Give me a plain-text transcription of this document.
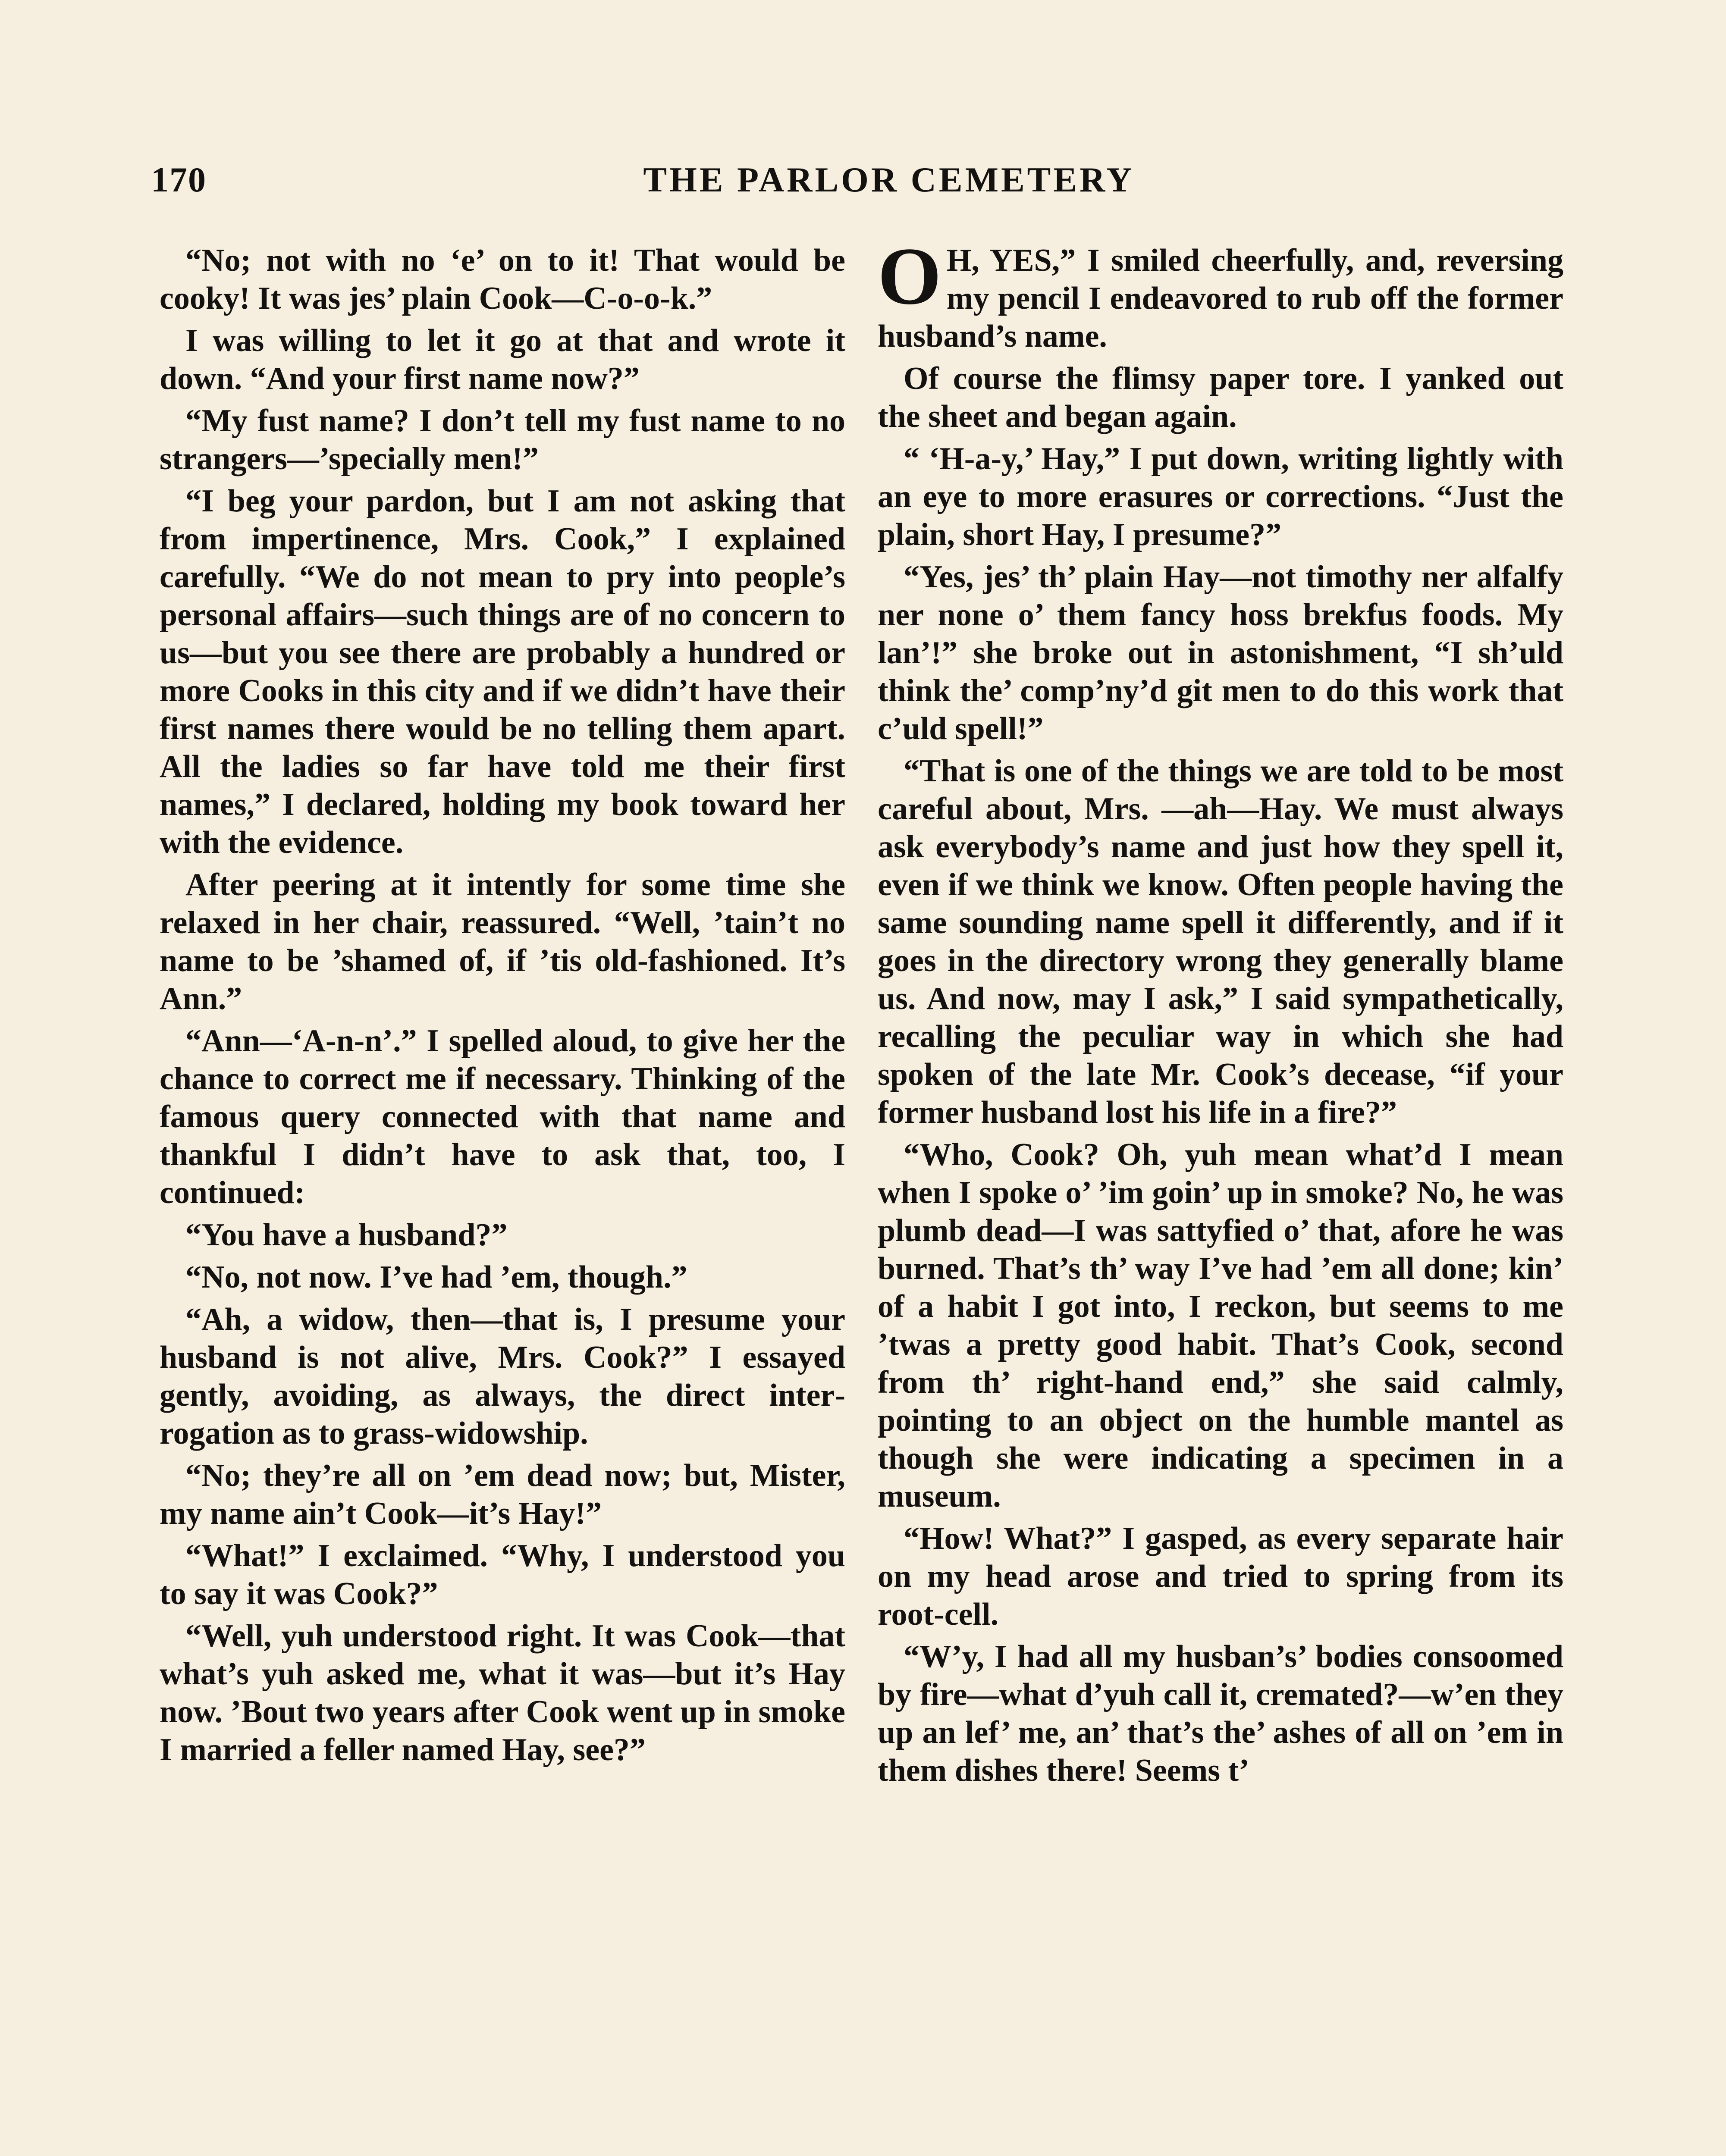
170	THE PARLOR CEMETERY

“No; not with no ‘e’ on to it! That would be cooky! It was jes’ plain Cook—C-o-o-k.”

I was willing to let it go at that and wrote it down. “And your first name now?”

“My fust name? I don’t tell my fust name to no strangers—’specially men!”

“I beg your pardon, but I am not asking that from impertinence, Mrs. Cook,” I explained carefully. “We do not mean to pry into people’s personal affairs—such things are of no concern to us—but you see there are probably a hundred or more Cooks in this city and if we didn’t have their first names there would be no telling them apart. All the ladies so far have told me their first names,” I declared, holding my book toward her with the evidence.

After peering at it intently for some time she relaxed in her chair, reassured. “Well, ’tain’t no name to be ’shamed of, if ’tis old-fashioned. It’s Ann.”

“Ann—‘A-n-n’.” I spelled aloud, to give her the chance to correct me if necessary. Thinking of the famous query connected with that name and thankful I didn’t have to ask that, too, I continued:

“You have a husband?”

“No, not now. I’ve had ’em, though.”

“Ah, a widow, then—that is, I presume your husband is not alive, Mrs. Cook?” I essayed gently, avoiding, as always, the direct interrogation as to grass-widowship.

“No; they’re all on ’em dead now; but, Mister, my name ain’t Cook—it’s Hay!”

“What!” I exclaimed. “Why, I understood you to say it was Cook?”

“Well, yuh understood right. It was Cook—that what’s yuh asked me, what it was—but it’s Hay now. ’Bout two years after Cook went up in smoke I married a feller named Hay, see?”

O H, YES,” I smiled cheerfully, and, reversing my pencil I endeavored to rub off the former husband’s name.

Of course the flimsy paper tore. I yanked out the sheet and began again.

“ ‘H-a-y,’ Hay,” I put down, writing lightly with an eye to more erasures or corrections. “Just the plain, short Hay, I presume?”

“Yes, jes’ th’ plain Hay—not timothy ner alfalfy ner none o’ them fancy hoss brekfus foods. My lan’!” she broke out in astonishment, “I sh’uld think the’ comp’ny’d git men to do this work that c’uld spell!”

“That is one of the things we are told to be most careful about, Mrs. —ah—Hay. We must always ask everybody’s name and just how they spell it, even if we think we know. Often people having the same sounding name spell it differently, and if it goes in the directory wrong they generally blame us. And now, may I ask,” I said sympathetically, recalling the peculiar way in which she had spoken of the late Mr. Cook’s decease, “if your former husband lost his life in a fire?”

“Who, Cook? Oh, yuh mean what’d I mean when I spoke o’ ’im goin’ up in smoke? No, he was plumb dead—I was sattyfied o’ that, afore he was burned. That’s th’ way I’ve had ’em all done; kin’ of a habit I got into, I reckon, but seems to me ’twas a pretty good habit. That’s Cook, second from th’ right-hand end,” she said calmly, pointing to an object on the humble mantel as though she were indicating a specimen in a museum.

“How! What?” I gasped, as every separate hair on my head arose and tried to spring from its root-cell.

“W’y, I had all my husban’s’ bodies consoomed by fire—what d’yuh call it, cremated?—w’en they up an lef’ me, an’ that’s the’ ashes of all on ’em in them dishes there! Seems t’
